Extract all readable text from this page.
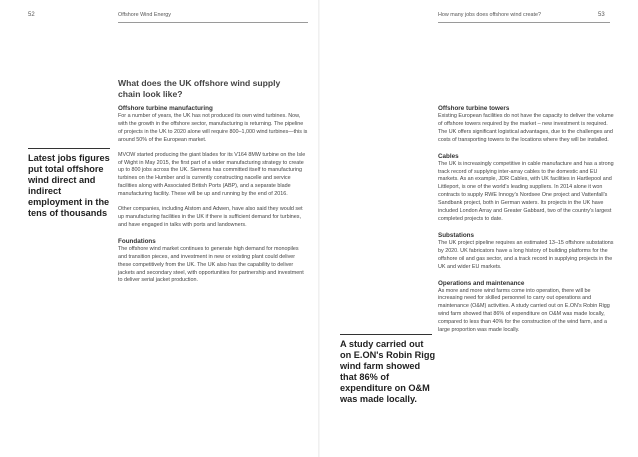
52	Offshore Wind Energy
What does the UK offshore wind supply chain look like?
Latest jobs figures put total offshore wind direct and indirect employment in the tens of thousands
Offshore turbine manufacturing

For a number of years, the UK has not produced its own wind turbines. Now, with the growth in the offshore sector, manufacturing is returning. The pipeline of projects in the UK to 2020 alone will require 800–1,000 wind turbines—this is around 50% of the European market.

MVOW started producing the giant blades for its V164 8MW turbine on the Isle of Wight in May 2015, the first part of a wider manufacturing strategy to create up to 800 jobs across the UK. Siemens has committed itself to manufacturing turbines on the Humber and is currently constructing nacelle and service facilities along with Associated British Ports (ABP), and a separate blade manufacturing facility. These will be up and running by the end of 2016.

Other companies, including Alstom and Adwen, have also said they would set up manufacturing facilities in the UK if there is sufficient demand for turbines, and have engaged in talks with ports and landowners.

Foundations

The offshore wind market continues to generate high demand for monopiles and transition pieces, and investment in new or existing plant could deliver these competitively from the UK. The UK also has the capability to deliver jackets and secondary steel, with opportunities for partnership and investment to deliver serial jacket production.

How many jobs does offshore wind create?	53
A study carried out on E.ON's Robin Rigg wind farm showed that 86% of expenditure on O&M was made locally.
Offshore turbine towers

Existing European facilities do not have the capacity to deliver the volume of offshore towers required by the market – new investment is required. The UK offers significant logistical advantages, due to the challenges and costs of transporting towers to the locations where they will be installed.

Cables

The UK is increasingly competitive in cable manufacture and has a strong track record of supplying inter-array cables to the domestic and EU markets. As an example, JDR Cables, with UK facilities in Hartlepool and Littleport, is one of the world's leading suppliers. In 2014 alone it won contracts to supply RWE Innogy's Nordsee One project and Vattenfall's Sandbank project, both in German waters. Its projects in the UK have included London Array and Greater Gabbard, two of the country's largest completed projects to date.

Substations

The UK project pipeline requires an estimated 13–15 offshore substations by 2020. UK fabricators have a long history of building platforms for the offshore oil and gas sector, and a track record in supplying projects in the UK and wider EU markets.

Operations and maintenance

As more and more wind farms come into operation, there will be increasing need for skilled personnel to carry out operations and maintenance (O&M) activities. A study carried out on E.ON's Robin Rigg wind farm showed that 86% of expenditure on O&M was made locally, compared to less than 40% for the construction of the wind farm, and a large proportion was made locally.
